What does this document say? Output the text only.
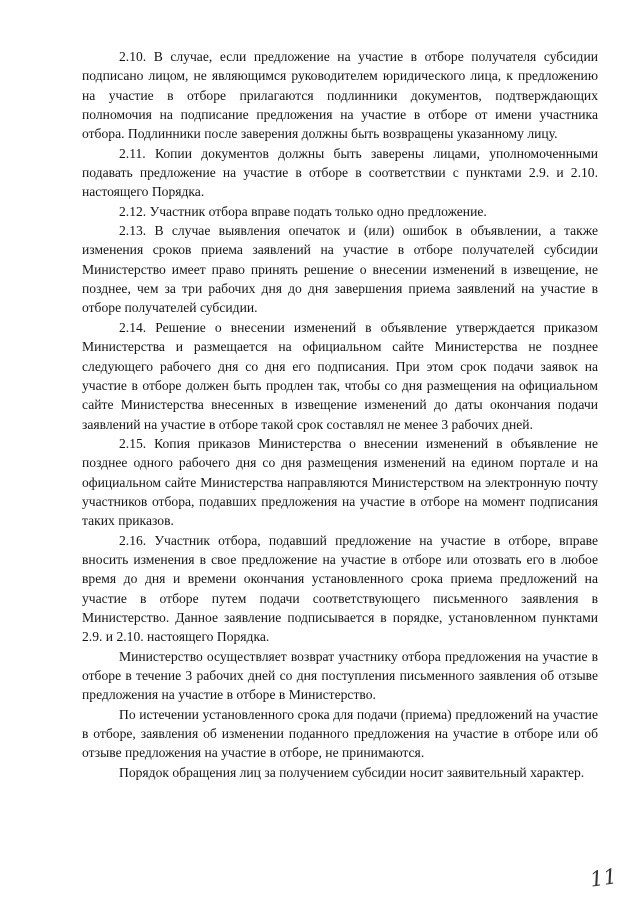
2.10. В случае, если предложение на участие в отборе получателя субсидии подписано лицом, не являющимся руководителем юридического лица, к предложению на участие в отборе прилагаются подлинники документов, подтверждающих полномочия на подписание предложения на участие в отборе от имени участника отбора. Подлинники после заверения должны быть возвращены указанному лицу.

2.11. Копии документов должны быть заверены лицами, уполномоченными подавать предложение на участие в отборе в соответствии с пунктами 2.9. и 2.10. настоящего Порядка.

2.12. Участник отбора вправе подать только одно предложение.

2.13. В случае выявления опечаток и (или) ошибок в объявлении, а также изменения сроков приема заявлений на участие в отборе получателей субсидии Министерство имеет право принять решение о внесении изменений в извещение, не позднее, чем за три рабочих дня до дня завершения приема заявлений на участие в отборе получателей субсидии.

2.14. Решение о внесении изменений в объявление утверждается приказом Министерства и размещается на официальном сайте Министерства не позднее следующего рабочего дня со дня его подписания. При этом срок подачи заявок на участие в отборе должен быть продлен так, чтобы со дня размещения на официальном сайте Министерства внесенных в извещение изменений до даты окончания подачи заявлений на участие в отборе такой срок составлял не менее 3 рабочих дней.

2.15. Копия приказов Министерства о внесении изменений в объявление не позднее одного рабочего дня со дня размещения изменений на едином портале и на официальном сайте Министерства направляются Министерством на электронную почту участников отбора, подавших предложения на участие в отборе на момент подписания таких приказов.

2.16. Участник отбора, подавший предложение на участие в отборе, вправе вносить изменения в свое предложение на участие в отборе или отозвать его в любое время до дня и времени окончания установленного срока приема предложений на участие в отборе путем подачи соответствующего письменного заявления в Министерство. Данное заявление подписывается в порядке, установленном пунктами 2.9. и 2.10. настоящего Порядка.

Министерство осуществляет возврат участнику отбора предложения на участие в отборе в течение 3 рабочих дней со дня поступления письменного заявления об отзыве предложения на участие в отборе в Министерство.

По истечении установленного срока для подачи (приема) предложений на участие в отборе, заявления об изменении поданного предложения на участие в отборе или об отзыве предложения на участие в отборе, не принимаются.

Порядок обращения лиц за получением субсидии носит заявительный характер.

11
